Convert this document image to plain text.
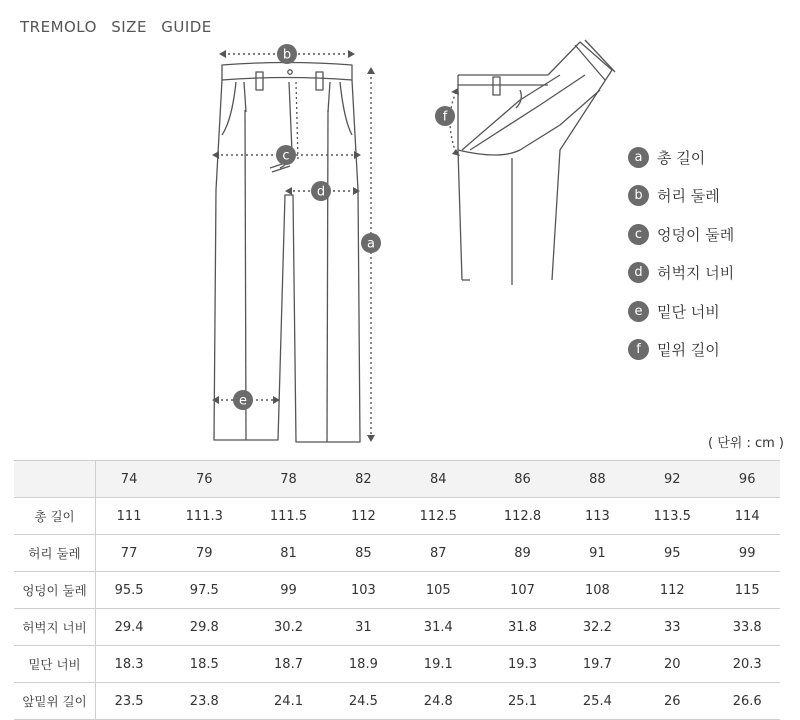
TREMOLO SIZE GUIDE
b
c
d
a
e
f
a 총 길이
b 허리 둘레
c 엉덩이 둘레
d 허벅지 너비
e 밑단 너비
f	밑위 길이
( 단위 : cm )
	74	76	78	82	84	86	88	92	96
총 길이	111	111.3	111.5	112	112.5	112.8	113	113.5	114
허리 둘레	77	79	81	85	87	89	91	95	99
엉덩이 둘레	95.5	97.5	99	103	105	107	108	112	115
허벅지 너비	29.4	29.8	30.2	31	31.4	31.8	32.2	33	33.8
밑단 너비	18.3	18.5	18.7	18.9	19.1	19.3	19.7	20	20.3
앞밑위 길이	23.5	23.8	24.1	24.5	24.8	25.1	25.4	26	26.6
